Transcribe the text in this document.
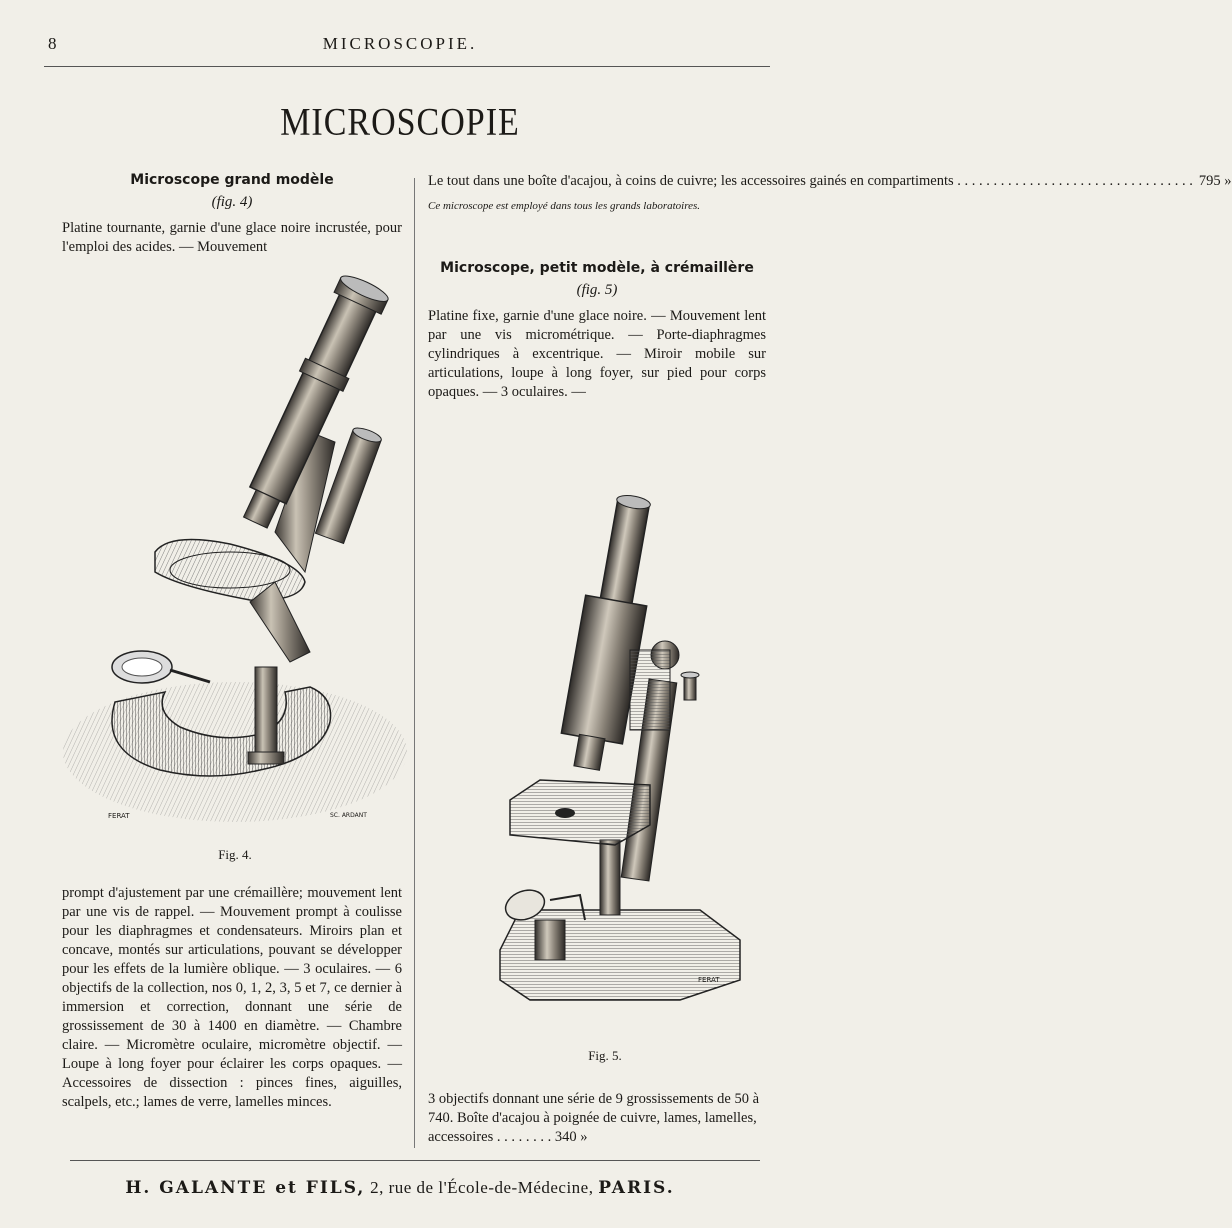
8	MICROSCOPIE.
MICROSCOPIE
Microscope grand modèle

(fig. 4)

Platine tournante, garnie d'une glace noire incrustée, pour l'emploi des acides. — Mouvement

FERAT	SC. ARDANT
Fig. 4.

prompt d'ajustement par une crémaillère; mouvement lent par une vis de rappel. — Mouvement prompt à coulisse pour les diaphragmes et condensateurs. Miroirs plan et concave, montés sur articulations, pouvant se développer pour les effets de la lumière oblique. — 3 oculaires. — 6 objectifs de la collection, nos 0, 1, 2, 3, 5 et 7, ce dernier à immersion et correction, donnant une série de grossissement de 30 à 1400 en diamètre. — Chambre claire. — Micromètre oculaire, micromètre objectif. — Loupe à long foyer pour éclairer les corps opaques. — Accessoires de dissection : pinces fines, aiguilles, scalpels, etc.; lames de verre, lamelles minces.

Le tout dans une boîte d'acajou, à coins de cuivre; les accessoires gainés en compartiments . . .	795 »

Ce microscope est employé dans tous les grands laboratoires.

Microscope, petit modèle, à crémaillère

(fig. 5)

Platine fixe, garnie d'une glace noire. — Mouvement lent par une vis micrométrique. — Porte-diaphragmes cylindriques à excentrique. — Miroir mobile sur articulations, loupe à long foyer, sur pied pour corps opaques. — 3 oculaires. —

FERAT
Fig. 5.

3 objectifs donnant une série de 9 grossissements de 50 à 740. Boîte d'acajou à poignée de cuivre, lames, lamelles, accessoires . . . . . . . . 340 »

H. GALANTE et FILS, 2, rue de l'École-de-Médecine, PARIS.
